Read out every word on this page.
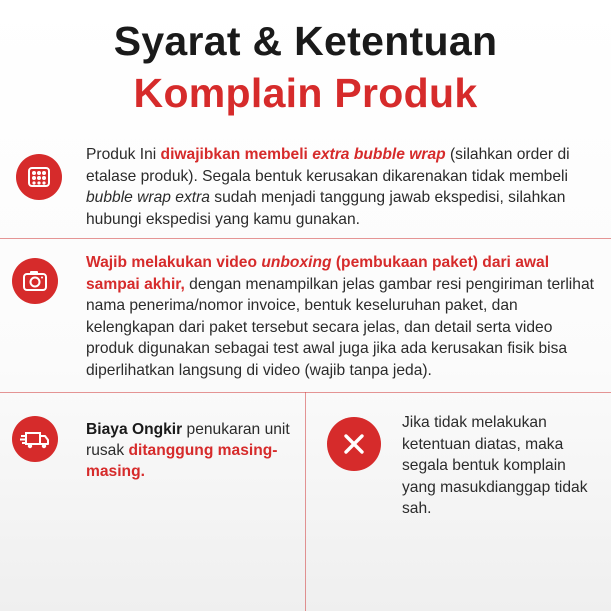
Syarat & Ketentuan
Komplain Produk
Produk Ini diwajibkan membeli extra bubble wrap (silahkan order di etalase produk). Segala bentuk kerusakan dikarenakan tidak membeli bubble wrap extra sudah menjadi tanggung jawab ekspedisi, silahkan hubungi ekspedisi yang kamu gunakan.
Wajib melakukan video unboxing (pembukaan paket) dari awal sampai akhir, dengan menampilkan jelas gambar resi pengiriman terlihat nama penerima/nomor invoice, bentuk keseluruhan paket, dan kelengkapan dari paket tersebut secara jelas, dan detail serta video produk digunakan sebagai test awal juga jika ada kerusakan fisik bisa diperlihatkan langsung di video (wajib tanpa jeda).
Biaya Ongkir penukaran unit rusak ditanggung masing-masing.
Jika tidak melakukan ketentuan diatas, maka segala bentuk komplain yang masukdianggap tidak sah.
